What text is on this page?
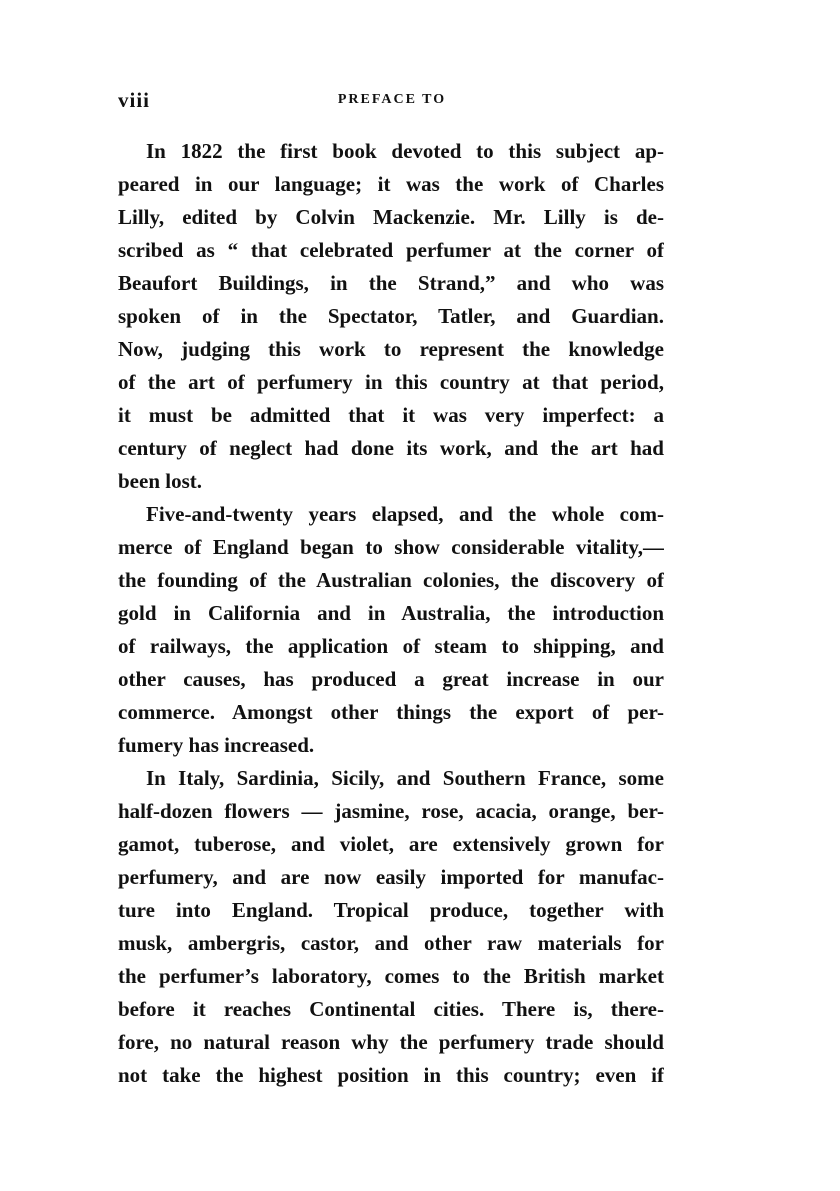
viii	PREFACE TO
In 1822 the first book devoted to this subject ap-
peared in our language; it was the work of Charles
Lilly, edited by Colvin Mackenzie. Mr. Lilly is de-
scribed as “ that celebrated perfumer at the corner of
Beaufort Buildings, in the Strand,” and who was
spoken of in the Spectator, Tatler, and Guardian.
Now, judging this work to represent the knowledge
of the art of perfumery in this country at that period,
it must be admitted that it was very imperfect: a
century of neglect had done its work, and the art had
been lost.
Five-and-twenty years elapsed, and the whole com-
merce of England began to show considerable vitality,—
the founding of the Australian colonies, the discovery of
gold in California and in Australia, the introduction
of railways, the application of steam to shipping, and
other causes, has produced a great increase in our
commerce. Amongst other things the export of per-
fumery has increased.
In Italy, Sardinia, Sicily, and Southern France, some
half-dozen flowers — jasmine, rose, acacia, orange, ber-
gamot, tuberose, and violet, are extensively grown for
perfumery, and are now easily imported for manufac-
ture into England. Tropical produce, together with
musk, ambergris, castor, and other raw materials for
the perfumer’s laboratory, comes to the British market
before it reaches Continental cities. There is, there-
fore, no natural reason why the perfumery trade should
not take the highest position in this country; even if
